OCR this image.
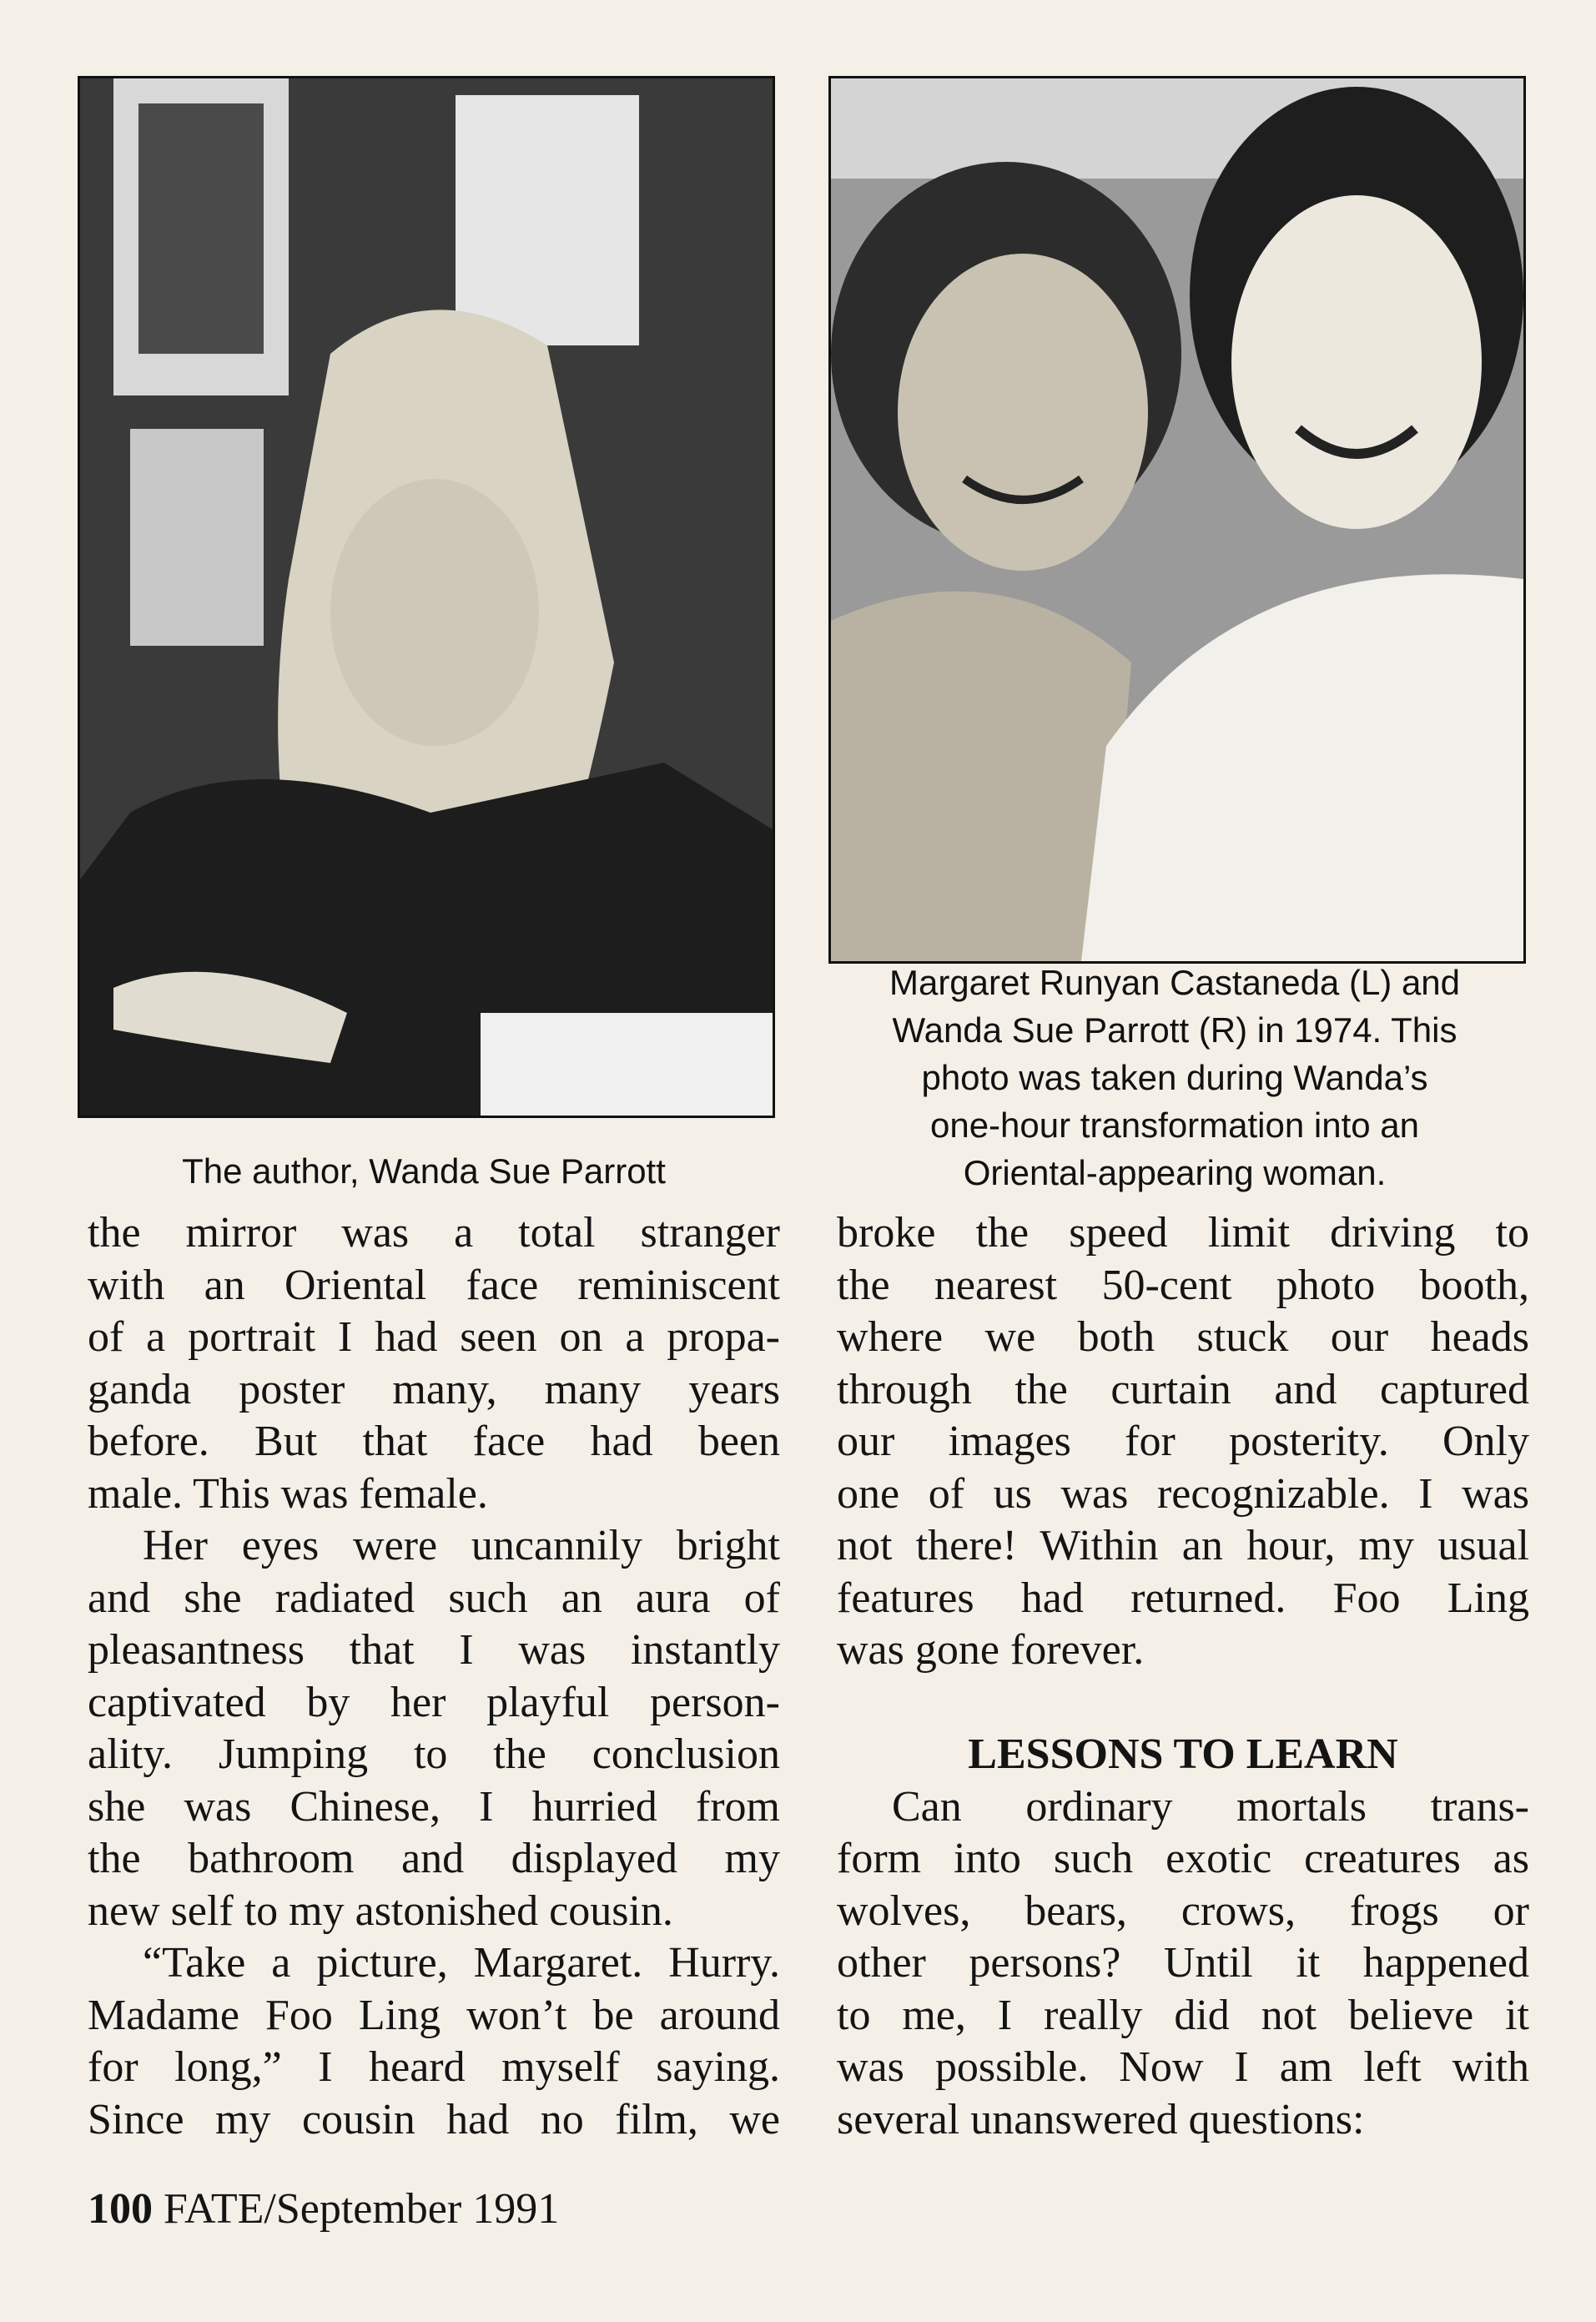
The author, Wanda Sue Parrott
Margaret Runyan Castaneda (L) and
Wanda Sue Parrott (R) in 1974. This
photo was taken during Wanda’s
one-hour transformation into an
Oriental-appearing woman.
the mirror was a total stranger
with an Oriental face reminiscent
of a portrait I had seen on a propa-
ganda poster many, many years
before. But that face had been
male. This was female.
Her eyes were uncannily bright
and she radiated such an aura of
pleasantness that I was instantly
captivated by her playful person-
ality. Jumping to the conclusion
she was Chinese, I hurried from
the bathroom and displayed my
new self to my astonished cousin.
“Take a picture, Margaret. Hurry.
Madame Foo Ling won’t be around
for long,” I heard myself saying.
Since my cousin had no film, we
broke the speed limit driving to
the nearest 50-cent photo booth,
where we both stuck our heads
through the curtain and captured
our images for posterity. Only
one of us was recognizable. I was
not there! Within an hour, my usual
features had returned. Foo Ling
was gone forever.
LESSONS TO LEARN
Can ordinary mortals trans-
form into such exotic creatures as
wolves, bears, crows, frogs or
other persons? Until it happened
to me, I really did not believe it
was possible. Now I am left with
several unanswered questions:
100 FATE/September 1991
